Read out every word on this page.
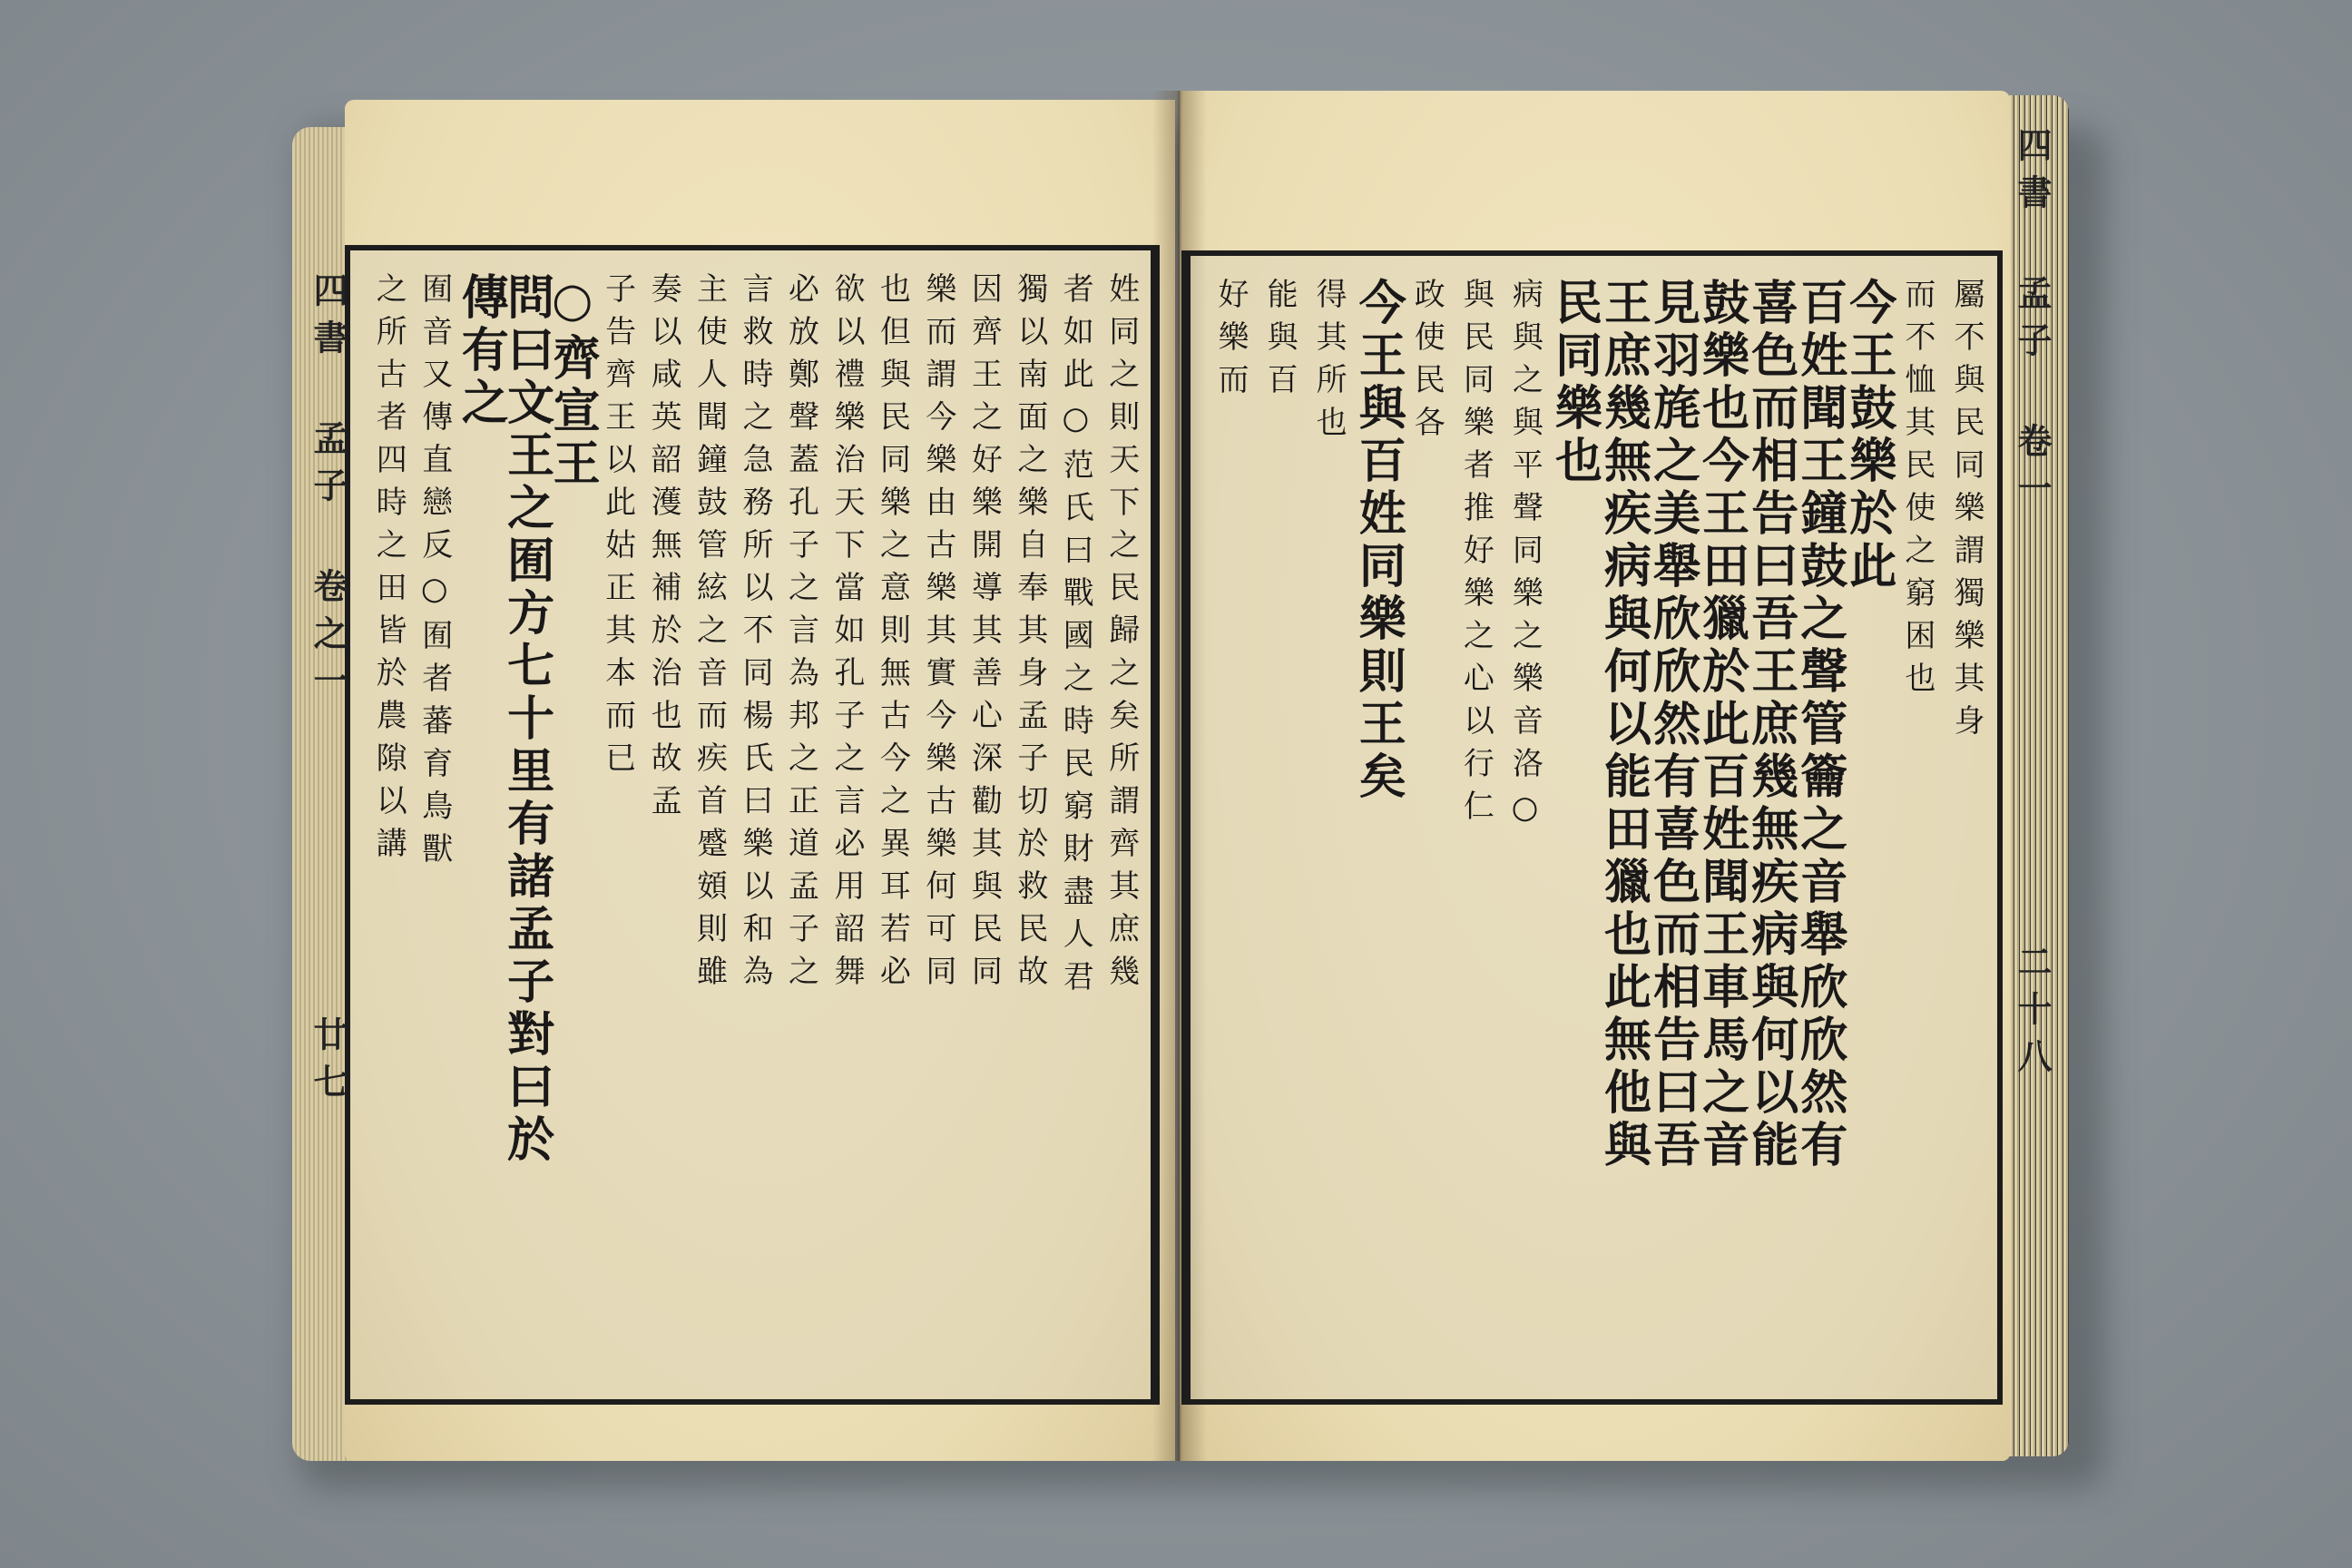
姓同之則天下之民歸之矣所謂齊其庶幾
者如此○范氏曰戰國之時民窮財盡人君
獨以南面之樂自奉其身孟子切於救民故
因齊王之好樂開導其善心深勸其與民同
樂而謂今樂由古樂其實今樂古樂何可同
也但與民同樂之意則無古今之異耳若必
欲以禮樂治天下當如孔子之言必用韶舞
必放鄭聲蓋孔子之言為邦之正道孟子之
言救時之急務所以不同楊氏曰樂以和為
主使人聞鐘鼓管絃之音而疾首蹙頞則雖
奏以咸英韶濩無補於治也故孟
子告齊王以此姑正其本而已
○齊宣王
問曰文王之囿方七十里有諸孟子對曰於
傳有之
囿音又傳直戀反○囿者蕃育鳥獸
之所古者四時之田皆於農隙以講
四書 孟子 卷之一
廿七
屬不與民同樂謂獨樂其身
而不恤其民使之窮困也
今王鼓樂於此
百姓聞王鐘鼓之聲管籥之音舉欣欣然有
喜色而相告曰吾王庶幾無疾病與何以能
鼓樂也今王田獵於此百姓聞王車馬之音
見羽旄之美舉欣欣然有喜色而相告曰吾
王庶幾無疾病與何以能田獵也此無他與
民同樂也
病與之與平聲同樂之樂音洛○
與民同樂者推好樂之心以行仁
政使民各
今王與百姓同樂則王矣
得其所也
能與百
好樂而	四書 孟子 卷一
二十八
